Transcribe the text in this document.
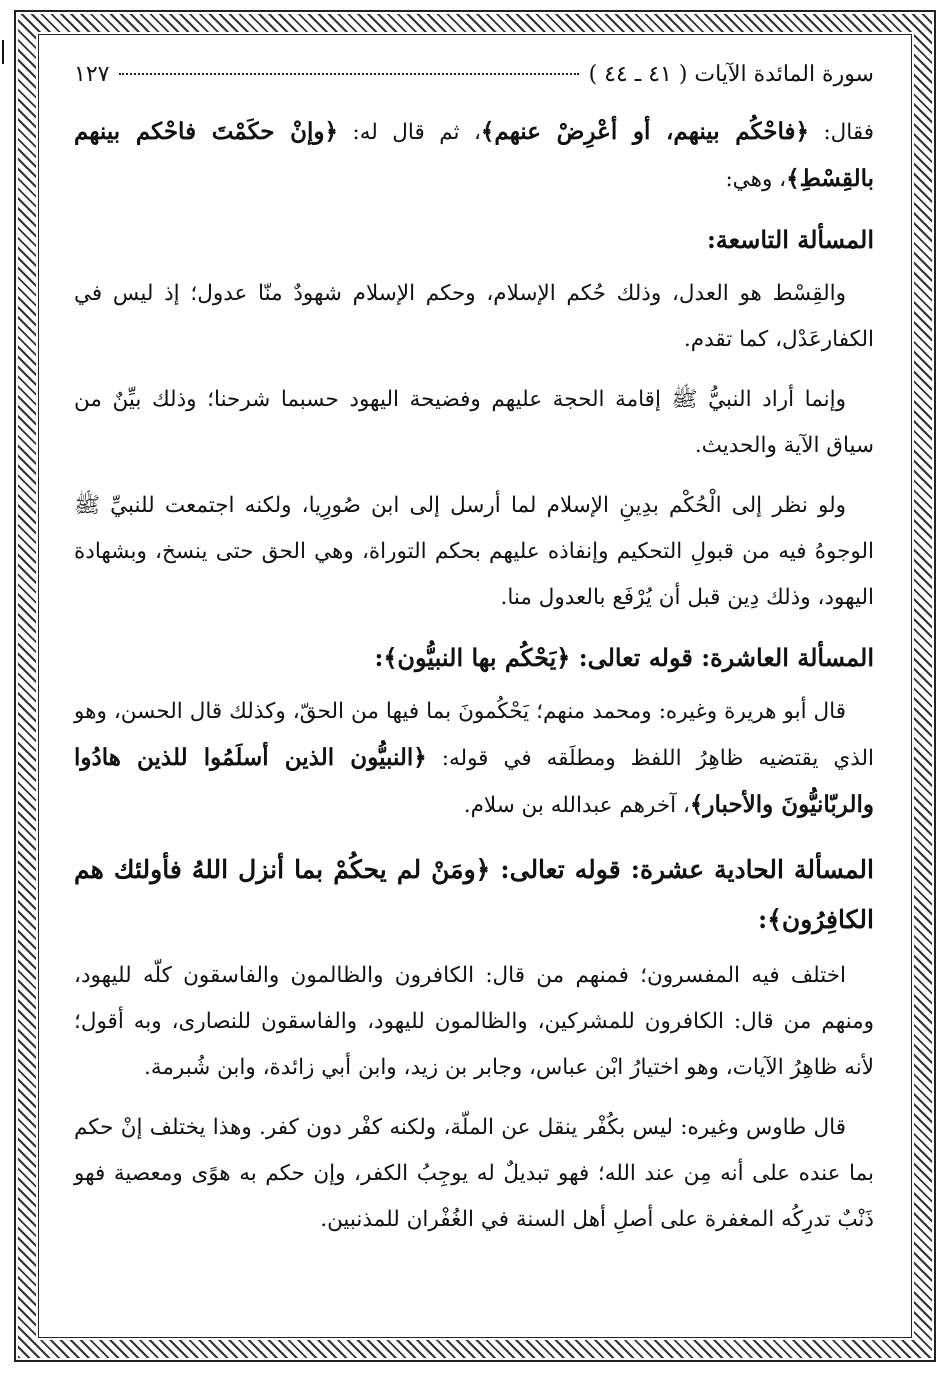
سورة المائدة الآيات ( ٤١ ـ ٤٤ )
١٢٧

فقال: ﴿فاحْكُم بينهم، أو أعْرِضْ عنهم﴾، ثم قال له: ﴿وإنْ حكَمْتَ فاحْكم بينهم بالقِسْطِ﴾، وهي:

المسألة التاسعة:

والقِسْط هو العدل، وذلك حُكم الإسلام، وحكم الإسلام شهودٌ منّا عدول؛ إذ ليس في الكفارعَدْل، كما تقدم.

وإنما أراد النبيُّ ﷺ إقامة الحجة عليهم وفضيحة اليهود حسبما شرحنا؛ وذلك بيِّنٌ من سياق الآية والحديث.

ولو نظر إلى الْحُكْم بدِينِ الإسلام لما أرسل إلى ابن صُورِيا، ولكنه اجتمعت للنبيِّ ﷺ الوجوهُ فيه من قبولِ التحكيم وإنفاذه عليهم بحكم التوراة، وهي الحق حتى ينسخ، وبشهادة اليهود، وذلك دِين قبل أن يُرْفَع بالعدول منا.

المسألة العاشرة: قوله تعالى: ﴿يَحْكُم بها النبيُّون﴾:

قال أبو هريرة وغيره: ومحمد منهم؛ يَحْكُمونَ بما فيها من الحقّ، وكذلك قال الحسن، وهو الذي يقتضيه ظاهِرُ اللفظ ومطلَقه في قوله: ﴿النبيُّون الذين أسلَمُوا للذين هادُوا والربّانيُّونَ والأحبار﴾، آخرهم عبدالله بن سلام.

المسألة الحادية عشرة: قوله تعالى: ﴿ومَنْ لم يحكُمْ بما أنزل اللهُ فأولئك هم الكافِرُون﴾:

اختلف فيه المفسرون؛ فمنهم من قال: الكافرون والظالمون والفاسقون كلّه لليهود، ومنهم من قال: الكافرون للمشركين، والظالمون لليهود، والفاسقون للنصارى، وبه أقول؛ لأنه ظاهِرُ الآيات، وهو اختيارُ ابْن عباس، وجابر بن زيد، وابن أبي زائدة، وابن شُبرمة.

قال طاوس وغيره: ليس بكُفْر ينقل عن الملّة، ولكنه كفْر دون كفر. وهذا يختلف إنْ حكم بما عنده على أنه مِن عند الله؛ فهو تبديلٌ له يوجِبُ الكفر، وإن حكم به هوًى ومعصية فهو ذَنْبٌ تدرِكُه المغفرة على أصلِ أهل السنة في الغُفْران للمذنبين.
